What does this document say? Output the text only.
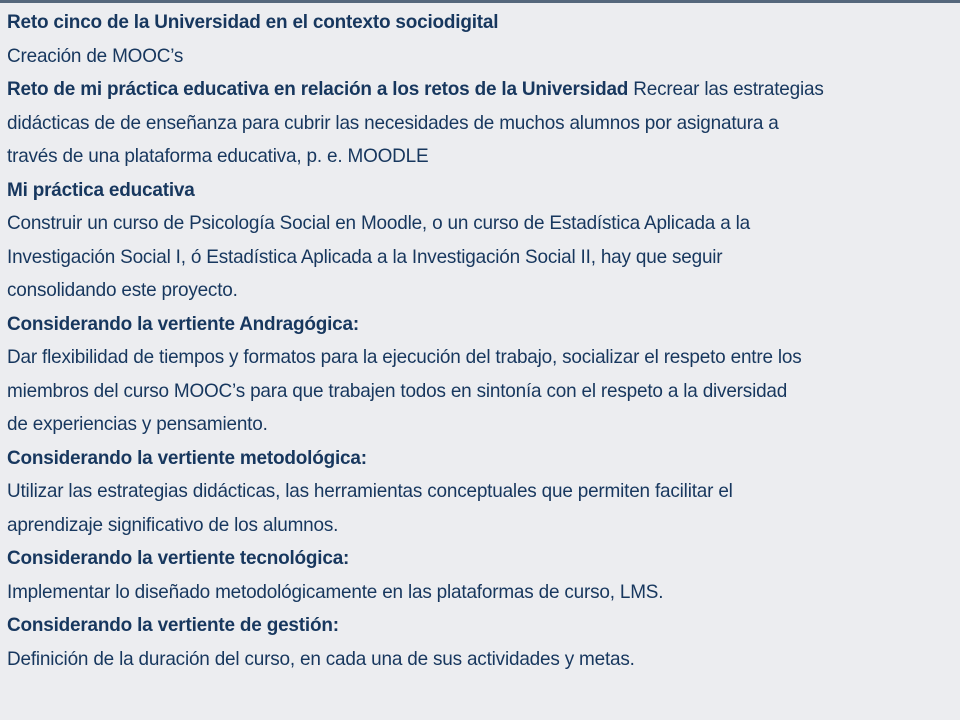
Reto cinco de la Universidad en el contexto sociodigital

Creación de MOOC’s

Reto de mi práctica educativa en relación a los retos de la Universidad Recrear las estrategias

didácticas de de enseñanza para cubrir las necesidades de muchos alumnos por asignatura a

través de una plataforma educativa, p. e. MOODLE

Mi práctica educativa

Construir un curso de Psicología Social en Moodle, o un curso de Estadística Aplicada a la

Investigación Social I, ó Estadística Aplicada a la Investigación Social II, hay que seguir

consolidando este proyecto.

Considerando la vertiente Andragógica:

Dar flexibilidad de tiempos y formatos para la ejecución del trabajo, socializar el respeto entre los

miembros del curso MOOC’s para que trabajen todos en sintonía con el respeto a la diversidad

de experiencias y pensamiento.

Considerando la vertiente metodológica:

Utilizar las estrategias didácticas, las herramientas conceptuales que permiten facilitar el

aprendizaje significativo de los alumnos.

Considerando la vertiente tecnológica:

Implementar lo diseñado metodológicamente en las plataformas de curso, LMS.

Considerando la vertiente de gestión:

Definición de la duración del curso, en cada una de sus actividades y metas.
